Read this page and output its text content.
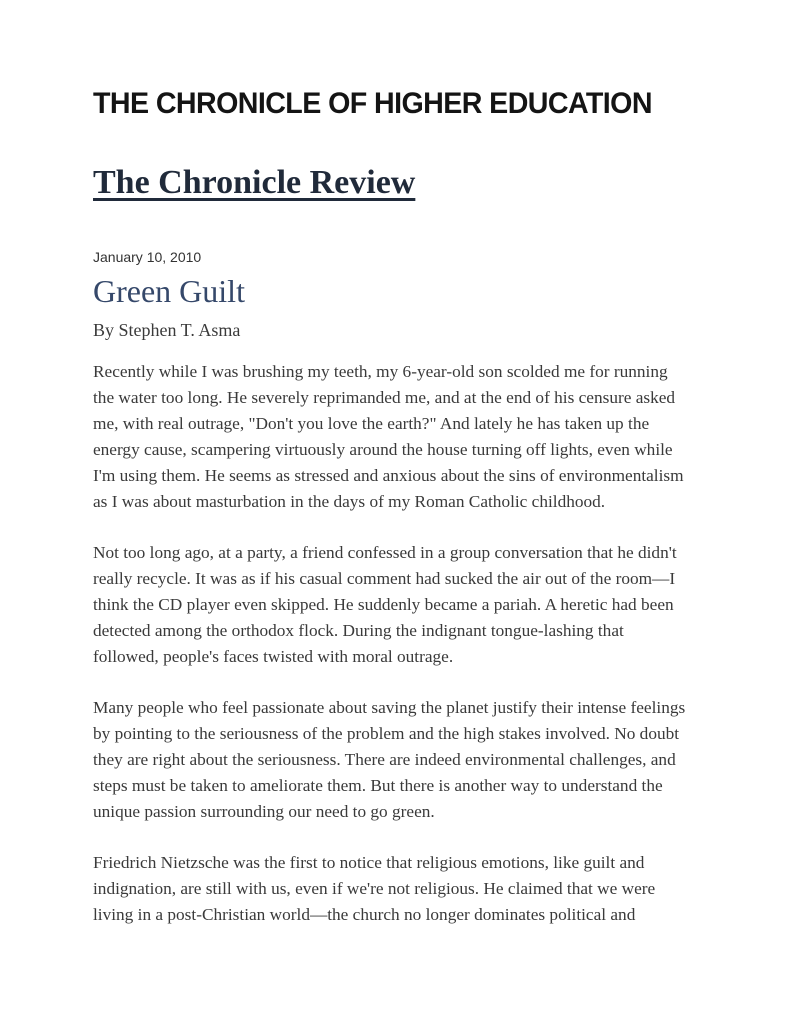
THE CHRONICLE OF HIGHER EDUCATION
The Chronicle Review
January 10, 2010
Green Guilt
By Stephen T. Asma

Recently while I was brushing my teeth, my 6-year-old son scolded me for running
the water too long. He severely reprimanded me, and at the end of his censure asked
me, with real outrage, "Don't you love the earth?" And lately he has taken up the
energy cause, scampering virtuously around the house turning off lights, even while
I'm using them. He seems as stressed and anxious about the sins of environmentalism
as I was about masturbation in the days of my Roman Catholic childhood.

Not too long ago, at a party, a friend confessed in a group conversation that he didn't
really recycle. It was as if his casual comment had sucked the air out of the room—I
think the CD player even skipped. He suddenly became a pariah. A heretic had been
detected among the orthodox flock. During the indignant tongue-lashing that
followed, people's faces twisted with moral outrage.

Many people who feel passionate about saving the planet justify their intense feelings
by pointing to the seriousness of the problem and the high stakes involved. No doubt
they are right about the seriousness. There are indeed environmental challenges, and
steps must be taken to ameliorate them. But there is another way to understand the
unique passion surrounding our need to go green.

Friedrich Nietzsche was the first to notice that religious emotions, like guilt and
indignation, are still with us, even if we're not religious. He claimed that we were
living in a post-Christian world—the church no longer dominates political and
